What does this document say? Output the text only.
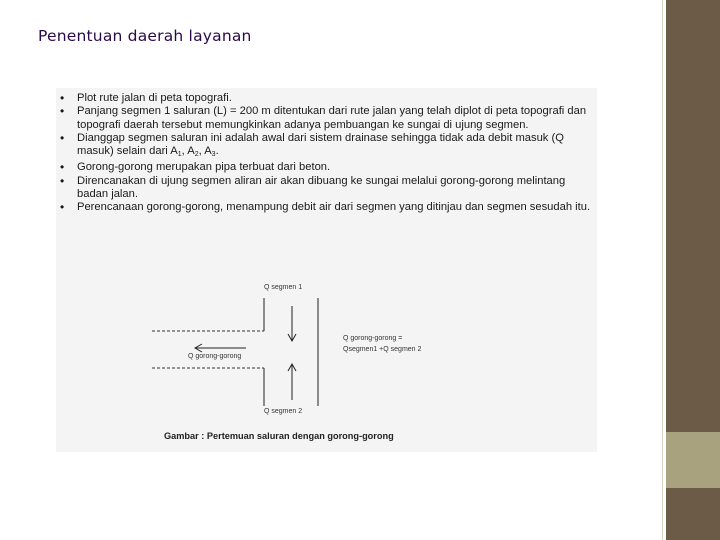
Penentuan daerah layanan
• Plot rute jalan di peta topografi.
• Panjang segmen 1 saluran (L) = 200 m ditentukan dari rute jalan yang telah diplot di peta topografi dan topografi daerah tersebut memungkinkan adanya pembuangan ke sungai di ujung segmen.
• Dianggap segmen saluran ini adalah awal dari sistem drainase sehingga tidak ada debit masuk (Q masuk) selain dari $A_1$, $A_2$, $A_3$.
• Gorong-gorong merupakan pipa terbuat dari beton.
• Direncanakan di ujung segmen aliran air akan dibuang ke sungai melalui gorong-gorong melintang badan jalan.
• Perencanaan gorong-gorong, menampung debit air dari segmen yang ditinjau dan segmen sesudah itu.
Q segmen 1
Q gorong-gorong
Q gorong-gorong =
Qsegmen1 +Q segmen 2
Q segmen 2
Gambar : Pertemuan saluran dengan gorong-gorong
